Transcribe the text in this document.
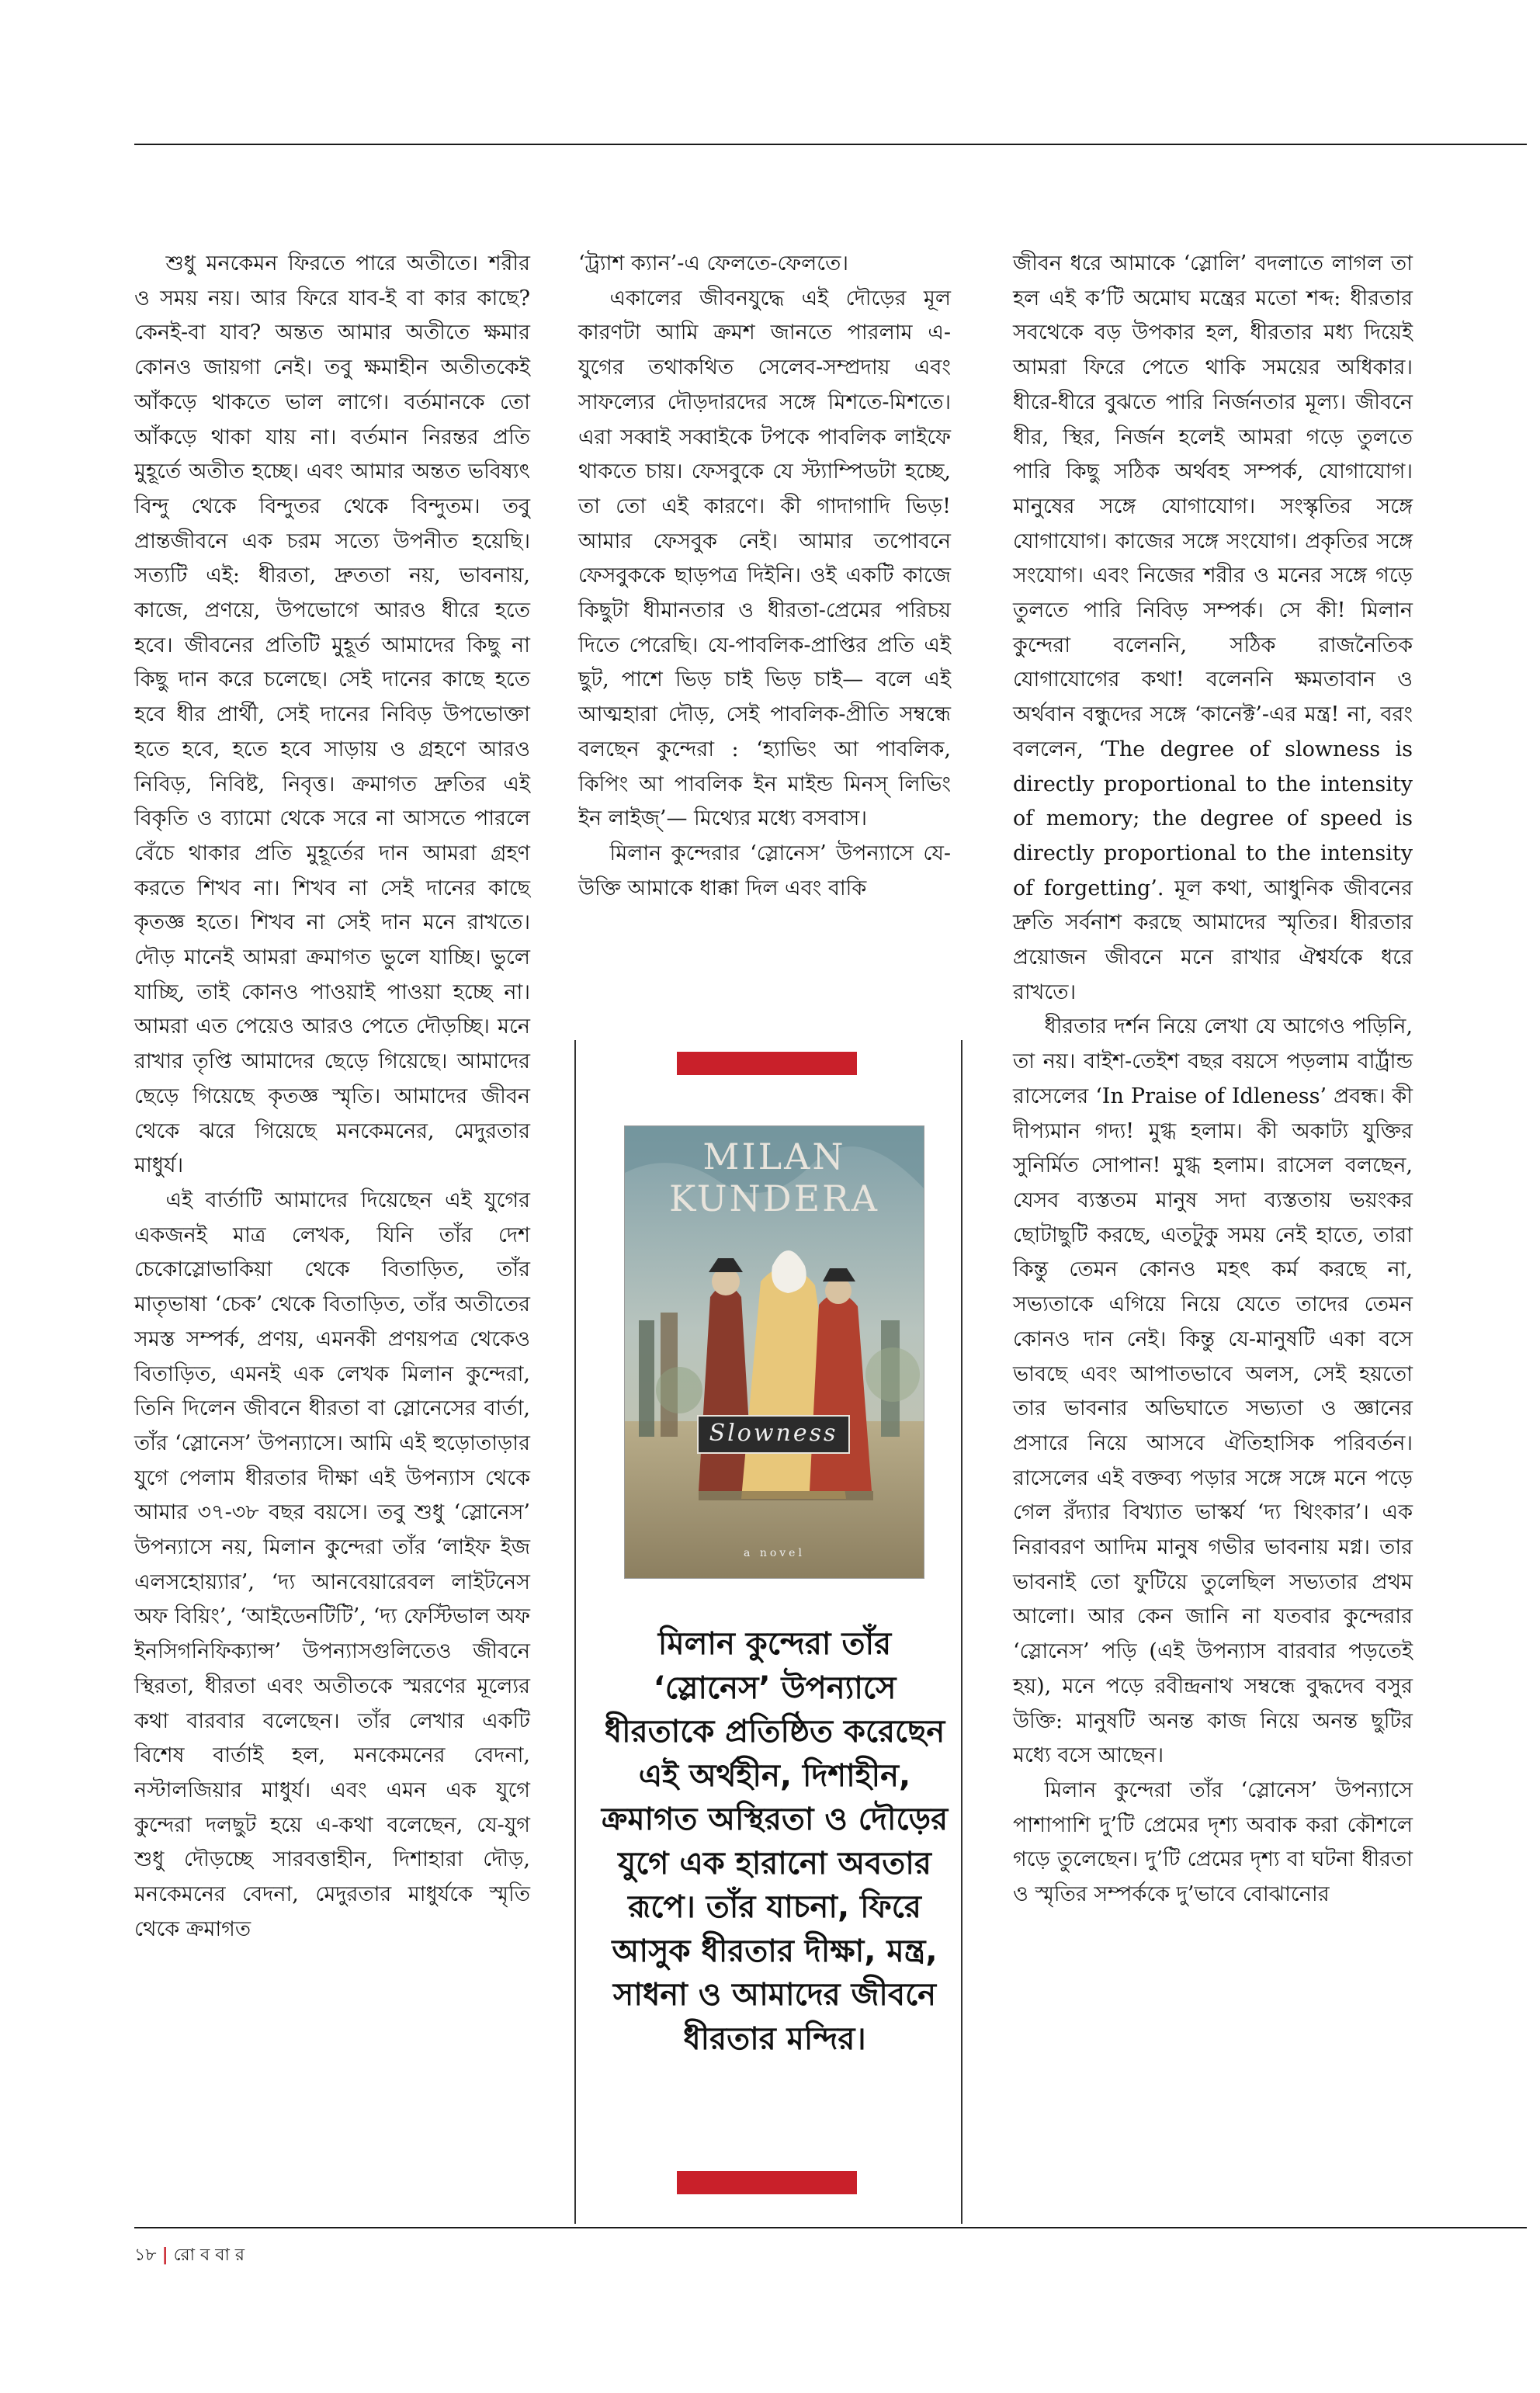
শুধু মনকেমন ফিরতে পারে অতীতে। শরীর ও সময় নয়। আর ফিরে যাব-ই বা কার কাছে? কেনই-বা যাব? অন্তত আমার অতীতে ক্ষমার কোনও জায়গা নেই। তবু ক্ষমাহীন অতীতকেই আঁকড়ে থাকতে ভাল লাগে। বর্তমানকে তো আঁকড়ে থাকা যায় না। বর্তমান নিরন্তর প্রতি মুহূর্তে অতীত হচ্ছে। এবং আমার অন্তত ভবিষ্যৎ বিন্দু থেকে বিন্দুতর থেকে বিন্দুতম। তবু প্রান্তজীবনে এক চরম সত্যে উপনীত হয়েছি। সত্যটি এই: ধীরতা, দ্রুততা নয়, ভাবনায়, কাজে, প্রণয়ে, উপভোগে আরও ধীরে হতে হবে। জীবনের প্রতিটি মুহূর্ত আমাদের কিছু না কিছু দান করে চলেছে। সেই দানের কাছে হতে হবে ধীর প্রার্থী, সেই দানের নিবিড় উপভোক্তা হতে হবে, হতে হবে সাড়ায় ও গ্রহণে আরও নিবিড়, নিবিষ্ট, নিবৃত্ত। ক্রমাগত দ্রুতির এই বিকৃতি ও ব্যামো থেকে সরে না আসতে পারলে বেঁচে থাকার প্রতি মুহূর্তের দান আমরা গ্রহণ করতে শিখব না। শিখব না সেই দানের কাছে কৃতজ্ঞ হতে। শিখব না সেই দান মনে রাখতে। দৌড় মানেই আমরা ক্রমাগত ভুলে যাচ্ছি। ভুলে যাচ্ছি, তাই কোনও পাওয়াই পাওয়া হচ্ছে না। আমরা এত পেয়েও আরও পেতে দৌড়চ্ছি। মনে রাখার তৃপ্তি আমাদের ছেড়ে গিয়েছে। আমাদের ছেড়ে গিয়েছে কৃতজ্ঞ স্মৃতি। আমাদের জীবন থেকে ঝরে গিয়েছে মনকেমনের, মেদুরতার মাধুর্য।

এই বার্তাটি আমাদের দিয়েছেন এই যুগের একজনই মাত্র লেখক, যিনি তাঁর দেশ চেকোস্লোভাকিয়া থেকে বিতাড়িত, তাঁর মাতৃভাষা ‘চেক’ থেকে বিতাড়িত, তাঁর অতীতের সমস্ত সম্পর্ক, প্রণয়, এমনকী প্রণয়পত্র থেকেও বিতাড়িত, এমনই এক লেখক মিলান কুন্দেরা, তিনি দিলেন জীবনে ধীরতা বা স্লোনেসের বার্তা, তাঁর ‘স্লোনেস’ উপন্যাসে। আমি এই হুড়োতাড়ার যুগে পেলাম ধীরতার দীক্ষা এই উপন্যাস থেকে আমার ৩৭-৩৮ বছর বয়সে। তবু শুধু ‘স্লোনেস’ উপন্যাসে নয়, মিলান কুন্দেরা তাঁর ‘লাইফ ইজ এলসহোয়্যার’, ‘দ্য আনবেয়ারেবল লাইটনেস অফ বিয়িং’, ‘আইডেনটিটি’, ‘দ্য ফেস্টিভাল অফ ইনসিগনিফিক্যান্স’ উপন্যাসগুলিতেও জীবনে স্থিরতা, ধীরতা এবং অতীতকে স্মরণের মূল্যের কথা বারবার বলেছেন। তাঁর লেখার একটি বিশেষ বার্তাই হল, মনকেমনের বেদনা, নস্টালজিয়ার মাধুর্য। এবং এমন এক যুগে কুন্দেরা দলছুট হয়ে এ-কথা বলেছেন, যে-যুগ শুধু দৌড়চ্ছে সারবত্তাহীন, দিশাহারা দৌড়, মনকেমনের বেদনা, মেদুরতার মাধুর্যকে স্মৃতি থেকে ক্রমাগত

‘ট্র্যাশ ক্যান’-এ ফেলতে-ফেলতে।

একালের জীবনযুদ্ধে এই দৌড়ের মূল কারণটা আমি ক্রমশ জানতে পারলাম এ-যুগের তথাকথিত সেলেব-সম্প্রদায় এবং সাফল্যের দৌড়দারদের সঙ্গে মিশতে-মিশতে। এরা সব্বাই সব্বাইকে টপকে পাবলিক লাইফে থাকতে চায়। ফেসবুকে যে স্ট্যাম্পিডটা হচ্ছে, তা তো এই কারণে। কী গাদাগাদি ভিড়! আমার ফেসবুক নেই। আমার তপোবনে ফেসবুককে ছাড়পত্র দিইনি। ওই একটি কাজে কিছুটা ধীমানতার ও ধীরতা-প্রেমের পরিচয় দিতে পেরেছি। যে-পাবলিক-প্রাপ্তির প্রতি এই ছুট, পাশে ভিড় চাই ভিড় চাই— বলে এই আত্মহারা দৌড়, সেই পাবলিক-প্রীতি সম্বন্ধে বলছেন কুন্দেরা : ‘হ্যাভিং আ পাবলিক, কিপিং আ পাবলিক ইন মাইন্ড মিনস্ লিভিং ইন লাইজ্’— মিথ্যের মধ্যে বসবাস।

মিলান কুন্দেরার ‘স্লোনেস’ উপন্যাসে যে-উক্তি আমাকে ধাক্কা দিল এবং বাকি

MILAN KUNDERA
Slowness
a novel
মিলান কুন্দেরা তাঁর ‘স্লোনেস’ উপন্যাসে ধীরতাকে প্রতিষ্ঠিত করেছেন এই অর্থহীন, দিশাহীন, ক্রমাগত অস্থিরতা ও দৌড়ের যুগে এক হারানো অবতার রূপে। তাঁর যাচনা, ফিরে আসুক ধীরতার দীক্ষা, মন্ত্র, সাধনা ও আমাদের জীবনে ধীরতার মন্দির।

জীবন ধরে আমাকে ‘স্লোলি’ বদলাতে লাগল তা হল এই ক’টি অমোঘ মন্ত্রের মতো শব্দ: ধীরতার সবথেকে বড় উপকার হল, ধীরতার মধ্য দিয়েই আমরা ফিরে পেতে থাকি সময়ের অধিকার। ধীরে-ধীরে বুঝতে পারি নির্জনতার মূল্য। জীবনে ধীর, স্থির, নির্জন হলেই আমরা গড়ে তুলতে পারি কিছু সঠিক অর্থবহ সম্পর্ক, যোগাযোগ। মানুষের সঙ্গে যোগাযোগ। সংস্কৃতির সঙ্গে যোগাযোগ। কাজের সঙ্গে সংযোগ। প্রকৃতির সঙ্গে সংযোগ। এবং নিজের শরীর ও মনের সঙ্গে গড়ে তুলতে পারি নিবিড় সম্পর্ক। সে কী! মিলান কুন্দেরা বলেননি, সঠিক রাজনৈতিক যোগাযোগের কথা! বলেননি ক্ষমতাবান ও অর্থবান বন্ধুদের সঙ্গে ‘কানেক্ট’-এর মন্ত্র! না, বরং বললেন, ‘The degree of slowness is directly proportional to the intensity of memory; the degree of speed is directly proportional to the intensity of forgetting’. মূল কথা, আধুনিক জীবনের দ্রুতি সর্বনাশ করছে আমাদের স্মৃতির। ধীরতার প্রয়োজন জীবনে মনে রাখার ঐশ্বর্যকে ধরে রাখতে।

ধীরতার দর্শন নিয়ে লেখা যে আগেও পড়িনি, তা নয়। বাইশ-তেইশ বছর বয়সে পড়লাম বার্ট্রান্ড রাসেলের ‘In Praise of Idleness’ প্রবন্ধ। কী দীপ্যমান গদ্য! মুগ্ধ হলাম। কী অকাট্য যুক্তির সুনির্মিত সোপান! মুগ্ধ হলাম। রাসেল বলছেন, যেসব ব্যস্ততম মানুষ সদা ব্যস্ততায় ভয়ংকর ছোটাছুটি করছে, এতটুকু সময় নেই হাতে, তারা কিন্তু তেমন কোনও মহৎ কর্ম করছে না, সভ্যতাকে এগিয়ে নিয়ে যেতে তাদের তেমন কোনও দান নেই। কিন্তু যে-মানুষটি একা বসে ভাবছে এবং আপাতভাবে অলস, সেই হয়তো তার ভাবনার অভিঘাতে সভ্যতা ও জ্ঞানের প্রসারে নিয়ে আসবে ঐতিহাসিক পরিবর্তন। রাসেলের এই বক্তব্য পড়ার সঙ্গে সঙ্গে মনে পড়ে গেল রঁদ্যার বিখ্যাত ভাস্কর্য ‘দ্য থিংকার’। এক নিরাবরণ আদিম মানুষ গভীর ভাবনায় মগ্ন। তার ভাবনাই তো ফুটিয়ে তুলেছিল সভ্যতার প্রথম আলো। আর কেন জানি না যতবার কুন্দেরার ‘স্লোনেস’ পড়ি (এই উপন্যাস বারবার পড়তেই হয়), মনে পড়ে রবীন্দ্রনাথ সম্বন্ধে বুদ্ধদেব বসুর উক্তি: মানুষটি অনন্ত কাজ নিয়ে অনন্ত ছুটির মধ্যে বসে আছেন।

মিলান কুন্দেরা তাঁর ‘স্লোনেস’ উপন্যাসে পাশাপাশি দু’টি প্রেমের দৃশ্য অবাক করা কৌশলে গড়ে তুলেছেন। দু’টি প্রেমের দৃশ্য বা ঘটনা ধীরতা ও স্মৃতির সম্পর্ককে দু’ভাবে বোঝানোর

১৮ | রো ব বা র
